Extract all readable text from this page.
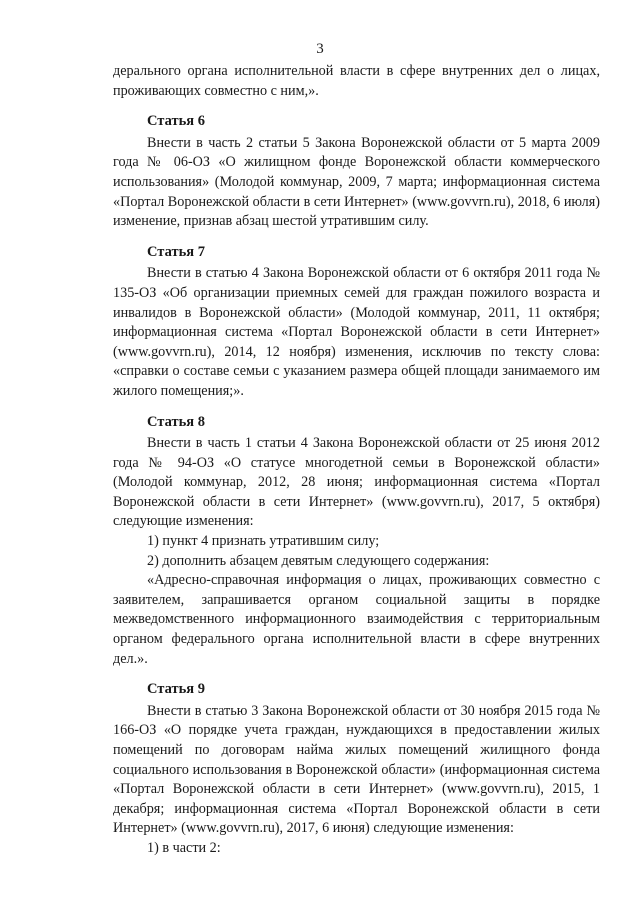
3

дерального органа исполнительной власти в сфере внутренних дел о лицах, проживающих совместно с ним,».

Статья 6

Внести в часть 2 статьи 5 Закона Воронежской области от 5 марта 2009 года № 06-ОЗ «О жилищном фонде Воронежской области коммерческого использования» (Молодой коммунар, 2009, 7 марта; информационная система «Портал Воронежской области в сети Интернет» (www.govvrn.ru), 2018, 6 июля) изменение, признав абзац шестой утратившим силу.

Статья 7

Внести в статью 4 Закона Воронежской области от 6 октября 2011 года № 135-ОЗ «Об организации приемных семей для граждан пожилого возраста и инвалидов в Воронежской области» (Молодой коммунар, 2011, 11 октября; информационная система «Портал Воронежской области в сети Интернет» (www.govvrn.ru), 2014, 12 ноября) изменения, исключив по тексту слова: «справки о составе семьи с указанием размера общей площади занимаемого им жилого помещения;».

Статья 8

Внести в часть 1 статьи 4 Закона Воронежской области от 25 июня 2012 года № 94-ОЗ «О статусе многодетной семьи в Воронежской области» (Молодой коммунар, 2012, 28 июня; информационная система «Портал Воронежской области в сети Интернет» (www.govvrn.ru), 2017, 5 октября) следующие изменения:

1) пункт 4 признать утратившим силу;

2) дополнить абзацем девятым следующего содержания:

«Адресно-справочная информация о лицах, проживающих совместно с заявителем, запрашивается органом социальной защиты в порядке межведомственного информационного взаимодействия с территориальным органом федерального органа исполнительной власти в сфере внутренних дел.».

Статья 9

Внести в статью 3 Закона Воронежской области от 30 ноября 2015 года № 166-ОЗ «О порядке учета граждан, нуждающихся в предоставлении жилых помещений по договорам найма жилых помещений жилищного фонда социального использования в Воронежской области» (информационная система «Портал Воронежской области в сети Интернет» (www.govvrn.ru), 2015, 1 декабря; информационная система «Портал Воронежской области в сети Интернет» (www.govvrn.ru), 2017, 6 июня) следующие изменения:

1) в части 2:
